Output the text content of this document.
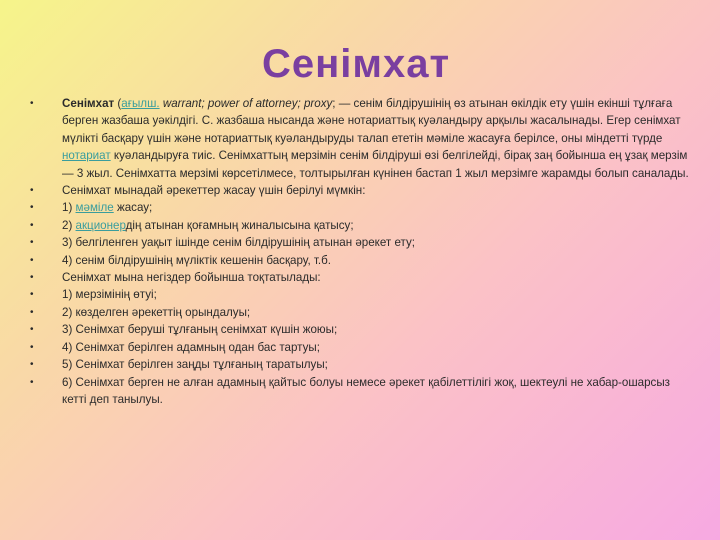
Сенімхат
•	Сенімхат (ағылш. warrant; power of attorney; proxy; — сенім білдірушінің өз атынан өкілдік ету үшін екінші тұлғаға берген жазбаша уәкілдігі. С. жазбаша нысанда және нотариаттық куәландыру арқылы жасалынады. Егер сенімхат мүлікті басқару үшін және нотариаттық куәландыруды талап ететін мәміле жасауға берілсе, оны міндетті түрде нотариат куәландыруға тиіс. Сенімхаттың мерзімін сенім білдіруші өзі белгілейді, бірақ заң бойынша ең ұзақ мерзім — 3 жыл. Сенімхатта мерзімі көрсетілмесе, толтырылған күнінен бастап 1 жыл мерзімге жарамды болып саналады.
•	Сенімхат мынадай әрекеттер жасау үшін берілуі мүмкін:
•	1) мәміле жасау;
•	2) акционердің атынан қоғамның жиналысына қатысу;
•	3) белгіленген уақыт ішінде сенім білдірушінің атынан әрекет ету;
•	4) сенім білдірушінің мүліктік кешенін басқару, т.б.
•	Сенімхат мына негіздер бойынша тоқтатылады:
•	1) мерзімінің өтуі;
•	2) көзделген әрекеттің орындалуы;
•	3) Сенімхат беруші тұлғаның сенімхат күшін жоюы;
•	4) Сенімхат берілген адамның одан бас тартуы;
•	5) Сенімхат берілген заңды тұлғаның таратылуы;
•	6) Сенімхат берген не алған адамның қайтыс болуы немесе әрекет қабілеттілігі жоқ, шектеулі не хабар-ошарсыз кетті деп танылуы.
